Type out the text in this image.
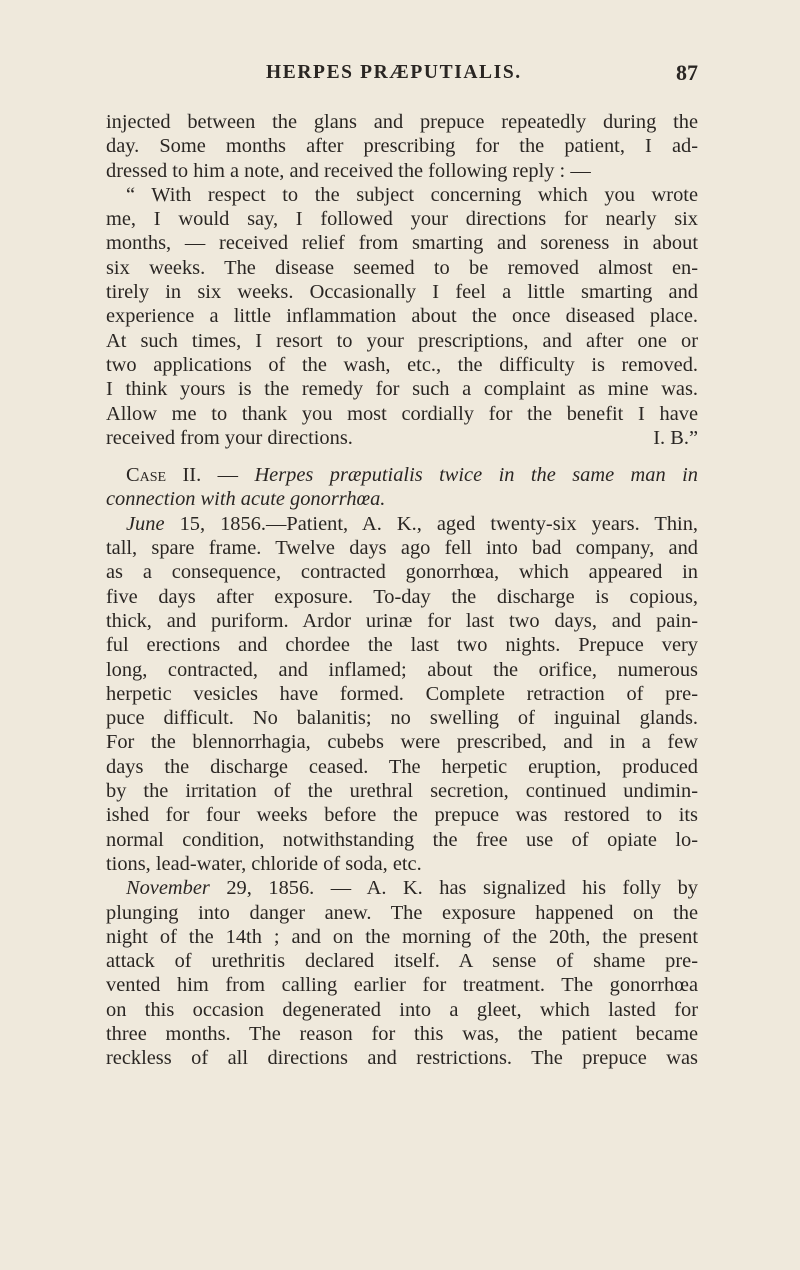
HERPES PRÆPUTIALIS.	87
injected between the glans and prepuce repeatedly during the
day. Some months after prescribing for the patient, I ad-
dressed to him a note, and received the following reply : —
“ With respect to the subject concerning which you wrote
me, I would say, I followed your directions for nearly six
months, — received relief from smarting and soreness in about
six weeks. The disease seemed to be removed almost en-
tirely in six weeks. Occasionally I feel a little smarting and
experience a little inflammation about the once diseased place.
At such times, I resort to your prescriptions, and after one or
two applications of the wash, etc., the difficulty is removed.
I think yours is the remedy for such a complaint as mine was.
Allow me to thank you most cordially for the benefit I have
received from your directions.	I. B.”
Case II. — Herpes præputialis twice in the same man in
connection with acute gonorrhœa.
June 15, 1856.—Patient, A. K., aged twenty-six years. Thin,
tall, spare frame. Twelve days ago fell into bad company, and
as a consequence, contracted gonorrhœa, which appeared in
five days after exposure. To-day the discharge is copious,
thick, and puriform. Ardor urinæ for last two days, and pain-
ful erections and chordee the last two nights. Prepuce very
long, contracted, and inflamed; about the orifice, numerous
herpetic vesicles have formed. Complete retraction of pre-
puce difficult. No balanitis; no swelling of inguinal glands.
For the blennorrhagia, cubebs were prescribed, and in a few
days the discharge ceased. The herpetic eruption, produced
by the irritation of the urethral secretion, continued undimin-
ished for four weeks before the prepuce was restored to its
normal condition, notwithstanding the free use of opiate lo-
tions, lead-water, chloride of soda, etc.
November 29, 1856. — A. K. has signalized his folly by
plunging into danger anew. The exposure happened on the
night of the 14th ; and on the morning of the 20th, the present
attack of urethritis declared itself. A sense of shame pre-
vented him from calling earlier for treatment. The gonorrhœa
on this occasion degenerated into a gleet, which lasted for
three months. The reason for this was, the patient became
reckless of all directions and restrictions. The prepuce was
